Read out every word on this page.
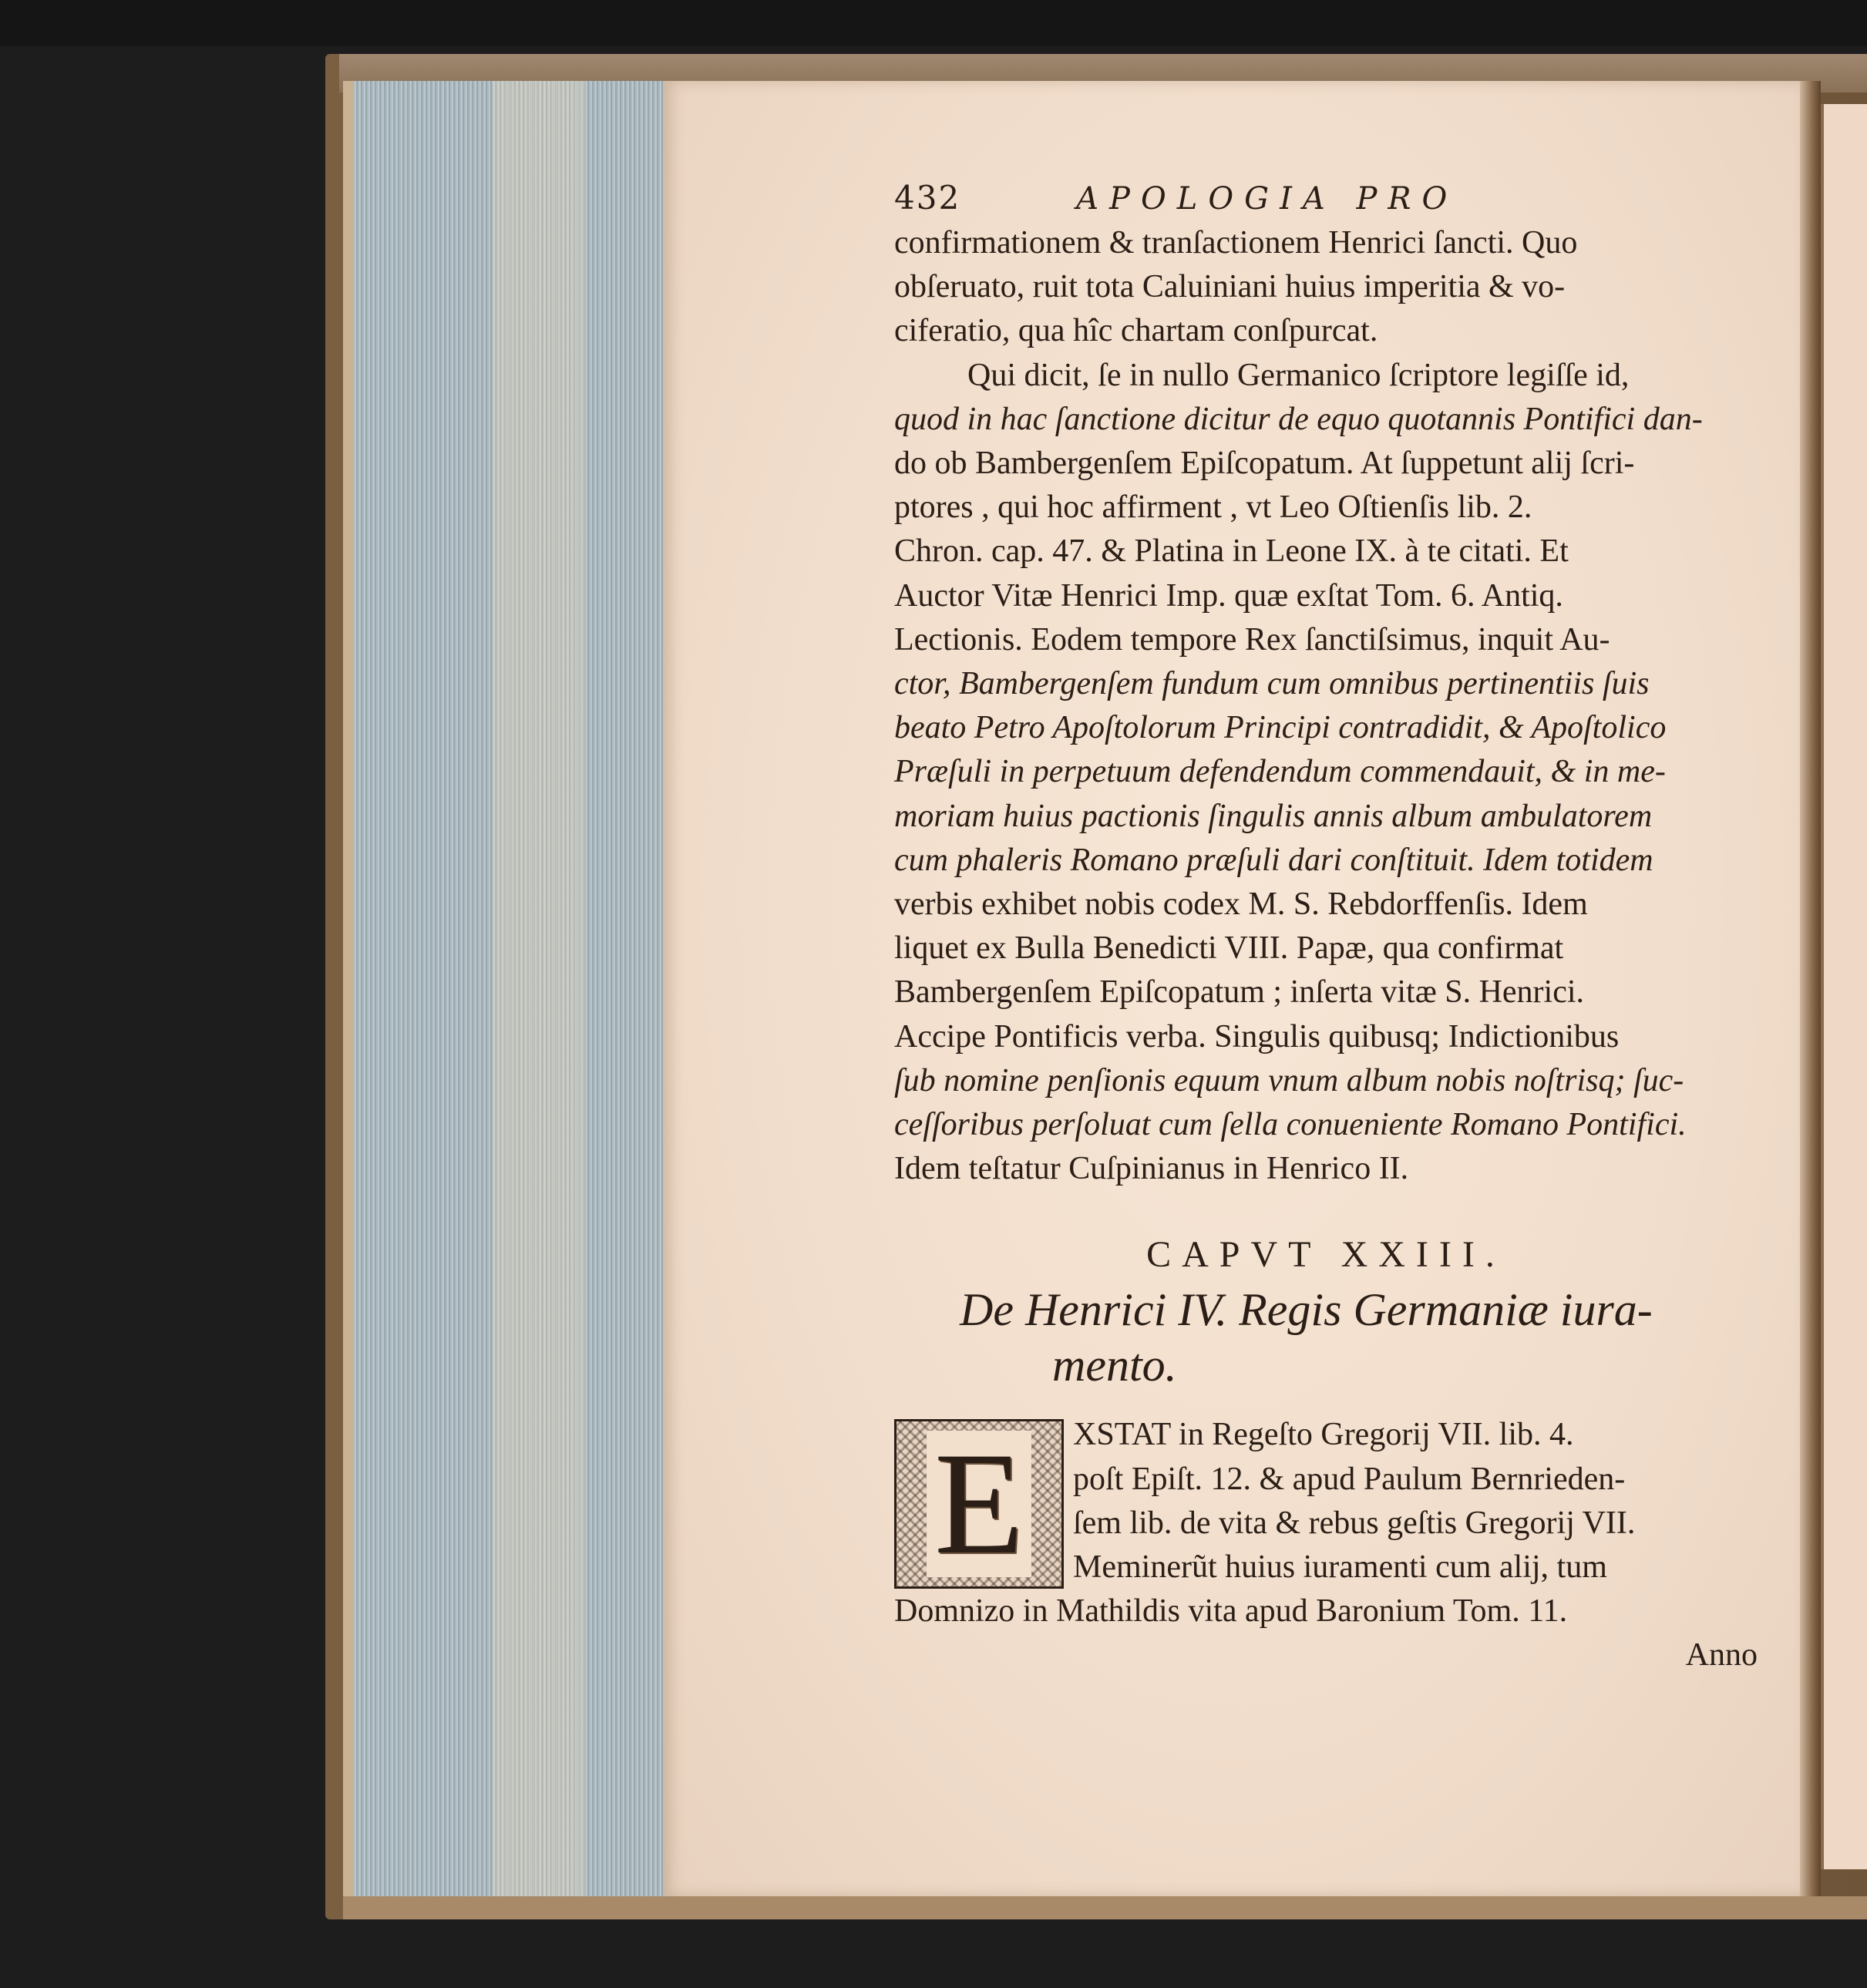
432	APOLOGIA PRO
confirmationem & tranſactionem Henrici ſancti. Quo
obſeruato, ruit tota Caluiniani huius imperitia & vo-
ciferatio, qua hîc chartam conſpurcat.
Qui dicit, ſe in nullo Germanico ſcriptore legiſſe id,
quod in hac ſanctione dicitur de equo quotannis Pontifici dan-
do ob Bambergenſem Epiſcopatum. At ſuppetunt alij ſcri-
ptores , qui hoc affirment , vt Leo Oſtienſis lib. 2.
Chron. cap. 47. & Platina in Leone IX. à te citati. Et
Auctor Vitæ Henrici Imp. quæ exſtat Tom. 6. Antiq.
Lectionis. Eodem tempore Rex ſanctiſsimus, inquit Au-
ctor, Bambergenſem fundum cum omnibus pertinentiis ſuis
beato Petro Apoſtolorum Principi contradidit, & Apoſtolico
Præſuli in perpetuum defendendum commendauit, & in me-
moriam huius pactionis ſingulis annis album ambulatorem
cum phaleris Romano præſuli dari conſtituit. Idem totidem
verbis exhibet nobis codex M. S. Rebdorffenſis. Idem
liquet ex Bulla Benedicti VIII. Papæ, qua confirmat
Bambergenſem Epiſcopatum ; inſerta vitæ S. Henrici.
Accipe Pontificis verba. Singulis quibusq; Indictionibus
ſub nomine penſionis equum vnum album nobis noſtrisq; ſuc-
ceſſoribus perſoluat cum ſella conueniente Romano Pontifici.
Idem teſtatur Cuſpinianus in Henrico II.
CAPVT XXIII.
De Henrici IV. Regis Germaniæ iura-
mento.
E	XSTAT in Regeſto Gregorij VII. lib. 4.
poſt Epiſt. 12. & apud Paulum Bernrieden-
ſem lib. de vita & rebus geſtis Gregorij VII.
Meminerũt huius iuramenti cum alij, tum
Domnizo in Mathildis vita apud Baronium Tom. 11.
Anno
